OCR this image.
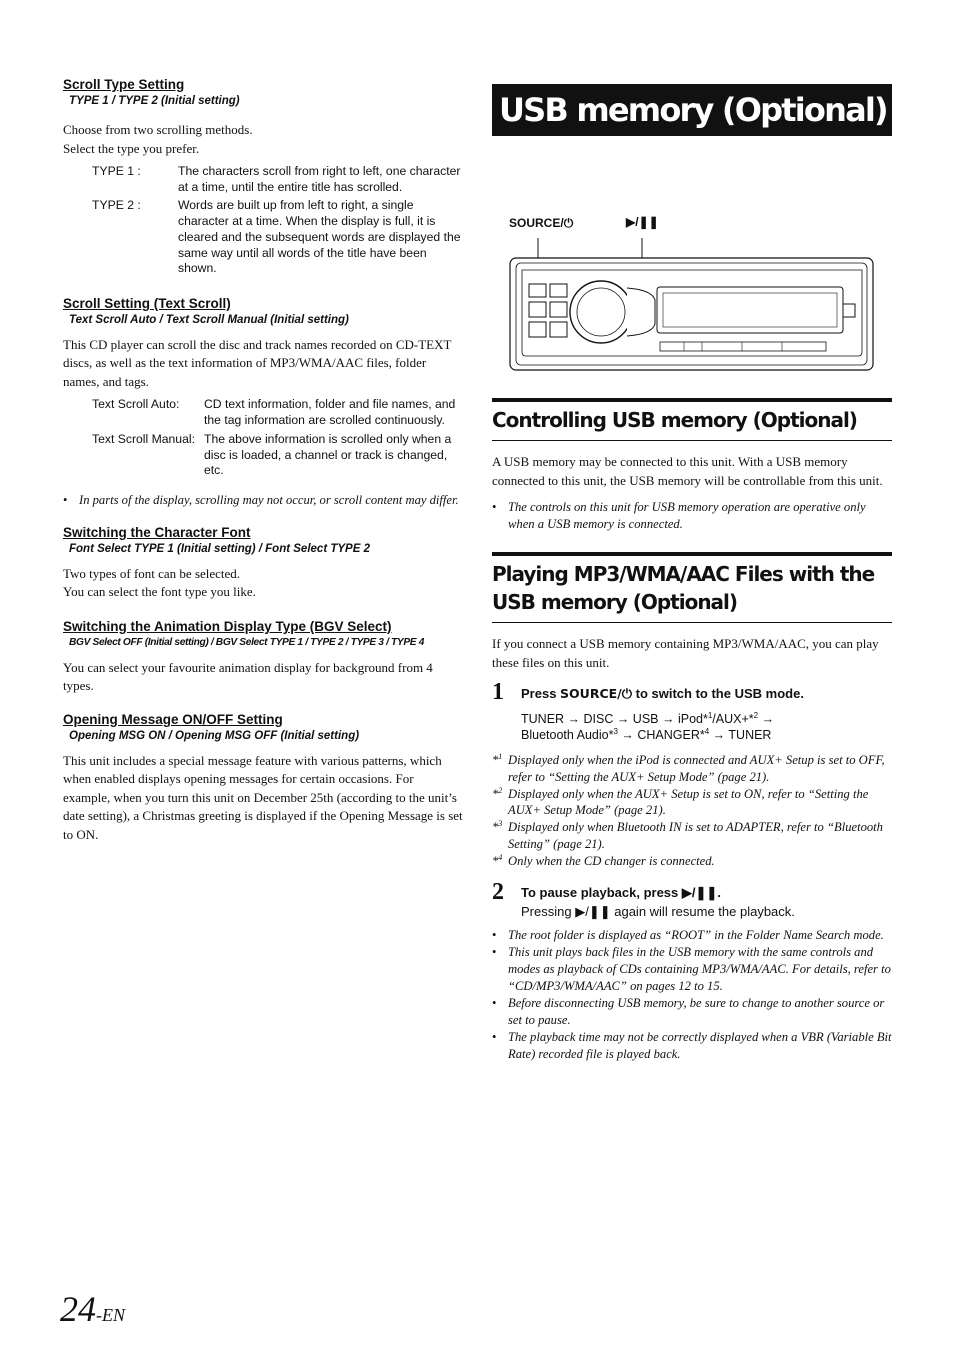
Scroll Type Setting

TYPE 1 / TYPE 2 (Initial setting)

Choose from two scrolling methods.

Select the type you prefer.

TYPE 1 :	The characters scroll from right to left, one character at a time, until the entire title has scrolled.
TYPE 2 :	Words are built up from left to right, a single character at a time. When the display is full, it is cleared and the subsequent words are displayed the same way until all words of the title have been shown.
Scroll Setting (Text Scroll)

Text Scroll Auto / Text Scroll Manual (Initial setting)

This CD player can scroll the disc and track names recorded on CD-TEXT discs, as well as the text information of MP3/WMA/AAC files, folder names, and tags.

Text Scroll Auto:	CD text information, folder and file names, and the tag information are scrolled continuously.
Text Scroll Manual: The above information is scrolled only when a disc is loaded, a channel or track is changed, etc.
• In parts of the display, scrolling may not occur, or scroll content may differ.
Switching the Character Font

Font Select TYPE 1 (Initial setting) / Font Select TYPE 2

Two types of font can be selected.

You can select the font type you like.

Switching the Animation Display Type (BGV Select)

BGV Select OFF (Initial setting) / BGV Select TYPE 1 / TYPE 2 / TYPE 3 / TYPE 4

You can select your favourite animation display for background from 4 types.

Opening Message ON/OFF Setting

Opening MSG ON / Opening MSG OFF (Initial setting)

This unit includes a special message feature with various patterns, which when enabled displays opening messages for certain occasions. For example, when you turn this unit on December 25th (according to the unit’s date setting), a Christmas greeting is displayed if the Opening Message is set to ON.

USB memory (Optional)
SOURCE/⏻	▶/❚❚
Controlling USB memory (Optional)

A USB memory may be connected to this unit. With a USB memory connected to this unit, the USB memory will be controllable from this unit.

• The controls on this unit for USB memory operation are operative only when a USB memory is connected.
Playing MP3/WMA/AAC Files with the
USB memory (Optional)

If you connect a USB memory containing MP3/WMA/AAC, you can play these files on this unit.

1	Press SOURCE/⏻ to switch to the USB mode.
TUNER → DISC → USB → iPod*$^1$/AUX+*$^2$ →
Bluetooth Audio*$^3$ → CHANGER*$^4$ → TUNER
*$^1$ Displayed only when the iPod is connected and AUX+ Setup is set to OFF, refer to “Setting the AUX+ Setup Mode” (page 21).
*$^2$ Displayed only when the AUX+ Setup is set to ON, refer to “Setting the AUX+ Setup Mode” (page 21).
*$^3$ Displayed only when Bluetooth IN is set to ADAPTER, refer to “Bluetooth Setting” (page 21).
*$^4$ Only when the CD changer is connected.
2	To pause playback, press ▶/❚❚.
Pressing ▶/❚❚ again will resume the playback.
• The root folder is displayed as “ROOT” in the Folder Name Search mode.
• This unit plays back files in the USB memory with the same controls and modes as playback of CDs containing MP3/WMA/AAC. For details, refer to “CD/MP3/WMA/AAC” on pages 12 to 15.
• Before disconnecting USB memory, be sure to change to another source or set to pause.
• The playback time may not be correctly displayed when a VBR (Variable Bit Rate) recorded file is played back.
24-EN
